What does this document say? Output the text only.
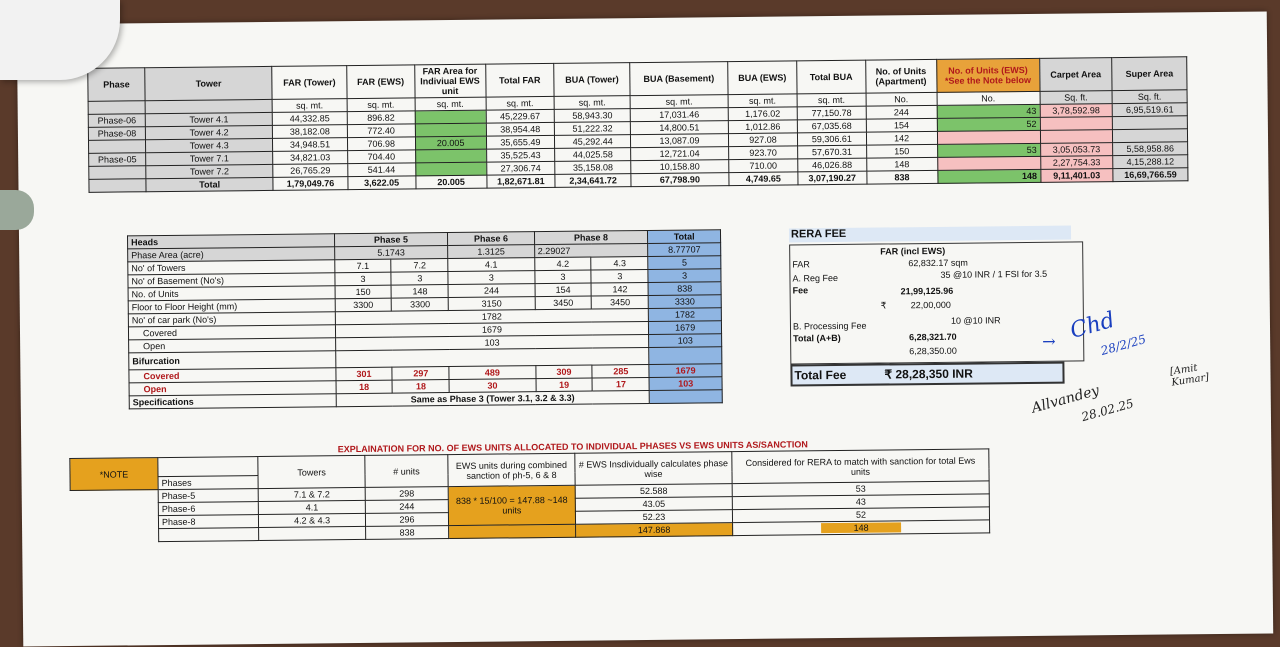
Phase	Tower	FAR (Tower)	FAR (EWS)	FAR Area for Indiviual EWS unit	Total FAR	BUA (Tower)	BUA (Basement)	BUA (EWS)	Total BUA	No. of Units (Apartment)	No. of Units (EWS) *See the Note below	Carpet Area	Super Area
		sq. mt.	sq. mt.	sq. mt.	sq. mt.	sq. mt.	sq. mt.	sq. mt.	sq. mt.	No.	No.	Sq. ft.	Sq. ft.
Phase-06	Tower 4.1	44,332.85	896.82		45,229.67	58,943.30	17,031.46	1,176.02	77,150.78	244	43	3,78,592.98	6,95,519.61
Phase-08	Tower 4.2	38,182.08	772.40		38,954.48	51,222.32	14,800.51	1,012.86	67,035.68	154	52		
	Tower 4.3	34,948.51	706.98	20.005	35,655.49	45,292.44	13,087.09	927.08	59,306.61	142			
Phase-05	Tower 7.1	34,821.03	704.40		35,525.43	44,025.58	12,721.04	923.70	57,670.31	150	53	3,05,053.73	5,58,958.86
	Tower 7.2	26,765.29	541.44		27,306.74	35,158.08	10,158.80	710.00	46,026.88	148		2,27,754.33	4,15,288.12
	Total	1,79,049.76	3,622.05	20.005	1,82,671.81	2,34,641.72	67,798.90	4,749.65	3,07,190.27	838	148	9,11,401.03	16,69,766.59
Heads	Phase 5		Phase 6	Phase 8		Total
Phase Area (acre)	5.1743		1.3125	2.29027		8.77707
No' of Towers	7.1	7.2	4.1	4.2	4.3	5
No' of Basement (No's)	3	3	3	3	3	3
No. of Units	150	148	244	154	142	838
Floor to Floor Height (mm)	3300	3300	3150	3450	3450	3330
No' of car park (No's)	1782					1782
Covered	1679					1679
Open	103					103
Bifurcation						
Covered	301	297	489	309	285	1679
Open	18	18	30	19	17	103
Specifications	Same as Phase 3 (Tower 3.1, 3.2 & 3.3)					
RERA FEE
FAR (incl EWS)
FAR	62,832.17 sqm
A. Reg Fee	35 @10 INR / 1 FSI for 3.5
Fee	21,99,125.96
₹	22,00,000
B. Processing Fee
10 @10 INR
Total (A+B)	6,28,321.70
6,28,350.00
Total Fee	₹ 28,28,350 INR
	EXPLAINATION FOR NO. OF EWS UNITS ALLOCATED TO INDIVIDUAL PHASES VS EWS UNITS AS/SANCTION					
*NOTE		Towers	# units	EWS units during combined sanction of ph-5, 6 & 8	# EWS Insdividually calculates phase wise	Considered for RERA to match with sanction for total Ews units
	Phases					
	Phase-5	7.1 & 7.2	298	838 * 15/100 = 147.88 ~148 units	52.588	53
	Phase-6	4.1	244		43.05	43
	Phase-8	4.2 & 4.3	296		52.23	52
			838		147.868	148
Chd
28/2/25
→
[Amit Kumar]
Allvandey
28.02.25
